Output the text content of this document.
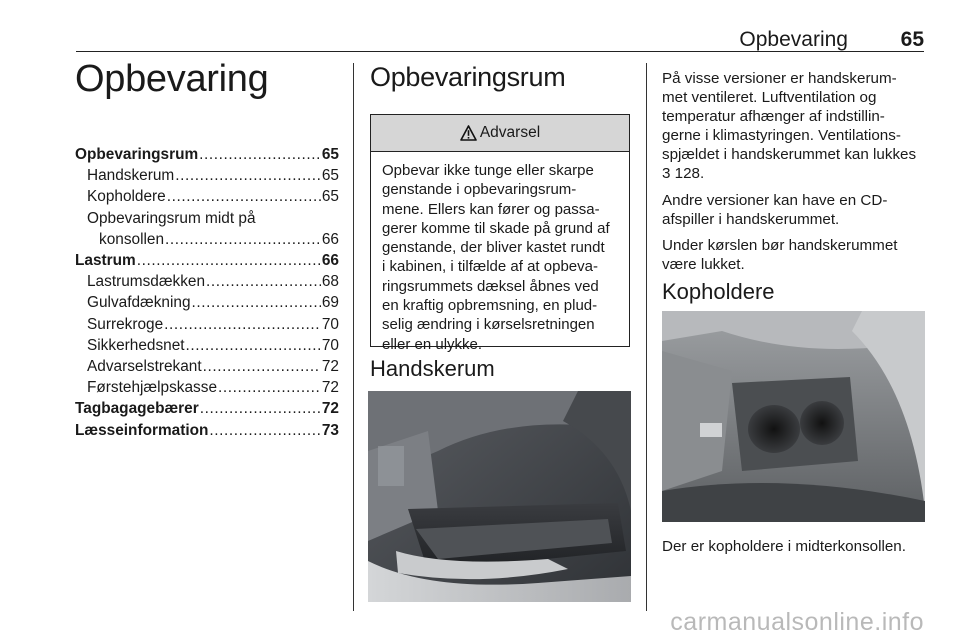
Opbevaring	65
Opbevaring
Opbevaringsrum .....	65
Handskerum .....	65
Kopholdere .....	65
Opbevaringsrum midt på
konsollen .....	66
Lastrum .....	66
Lastrumsdækken .....	68
Gulvafdækning .....	69
Surrekroge .....	70
Sikkerhedsnet .....	70
Advarselstrekant .....	72
Førstehjælpskasse .....	72
Tagbagagebærer .....	72
Læsseinformation .....	73
Opbevaringsrum
Advarsel
Opbevar ikke tunge eller skarpe
genstande i opbevaringsrum-
mene. Ellers kan fører og passa-
gerer komme til skade på grund af
genstande, der bliver kastet rundt
i kabinen, i tilfælde af at opbeva-
ringsrummets dæksel åbnes ved
en kraftig opbremsning, en plud-
selig ændring i kørselsretningen
eller en ulykke.
Handskerum

På visse versioner er handskerum-
met ventileret. Luftventilation og
temperatur afhænger af indstillin-
gerne i klimastyringen. Ventilations-
spjældet i handskerummet kan lukkes
3 128.

Andre versioner kan have en CD-
afspiller i handskerummet.

Under kørslen bør handskerummet
være lukket.

Kopholdere

Der er kopholdere i midterkonsollen.

carmanualsonline.info
